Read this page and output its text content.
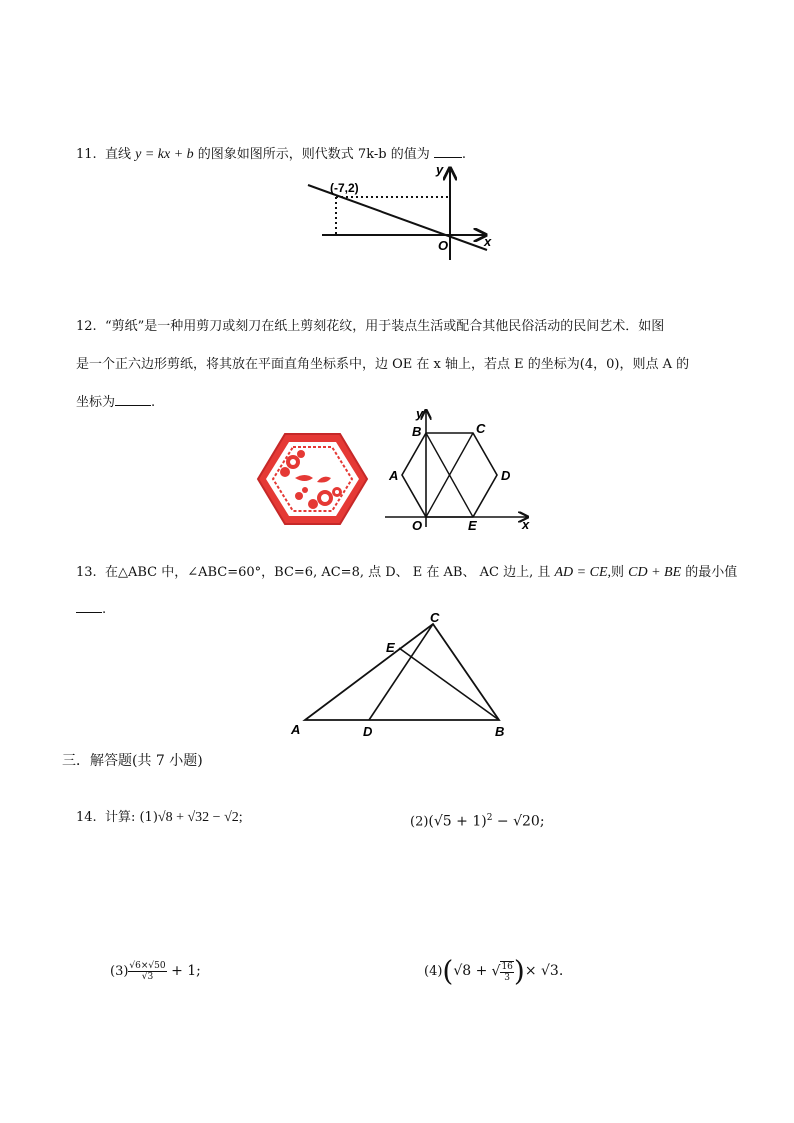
11. 直线 y = kx + b 的图象如图所示，则代数式 7k-b 的值为 .
(-7,2)
x
y
O
12. “剪纸”是一种用剪刀或刻刀在纸上剪刻花纹，用于装点生活或配合其他民俗活动的民间艺术．如图
是一个正六边形剪纸，将其放在平面直角坐标系中，边 OE 在 x 轴上，若点 E 的坐标为(4，0)，则点 A 的
坐标为	.
B	C
A	D
O	E	x
y
13. 在△ABC 中，∠ABC=60°，BC=6, AC=8, 点 D、 E 在 AB、 AC 边上, 且 AD = CE,则 CD + BE 的最小值
.
A	B
C
D
E
三．解答题(共 7 小题)
14. 计算: (1)√8 + √32 − √2;	$(2)(√5 + 1)^2 - √20$;
$(3) \frac{√6\times√50}{√3} + 1$;	(4)(√8 + √ $\frac{16}{3}$ )× √3.
